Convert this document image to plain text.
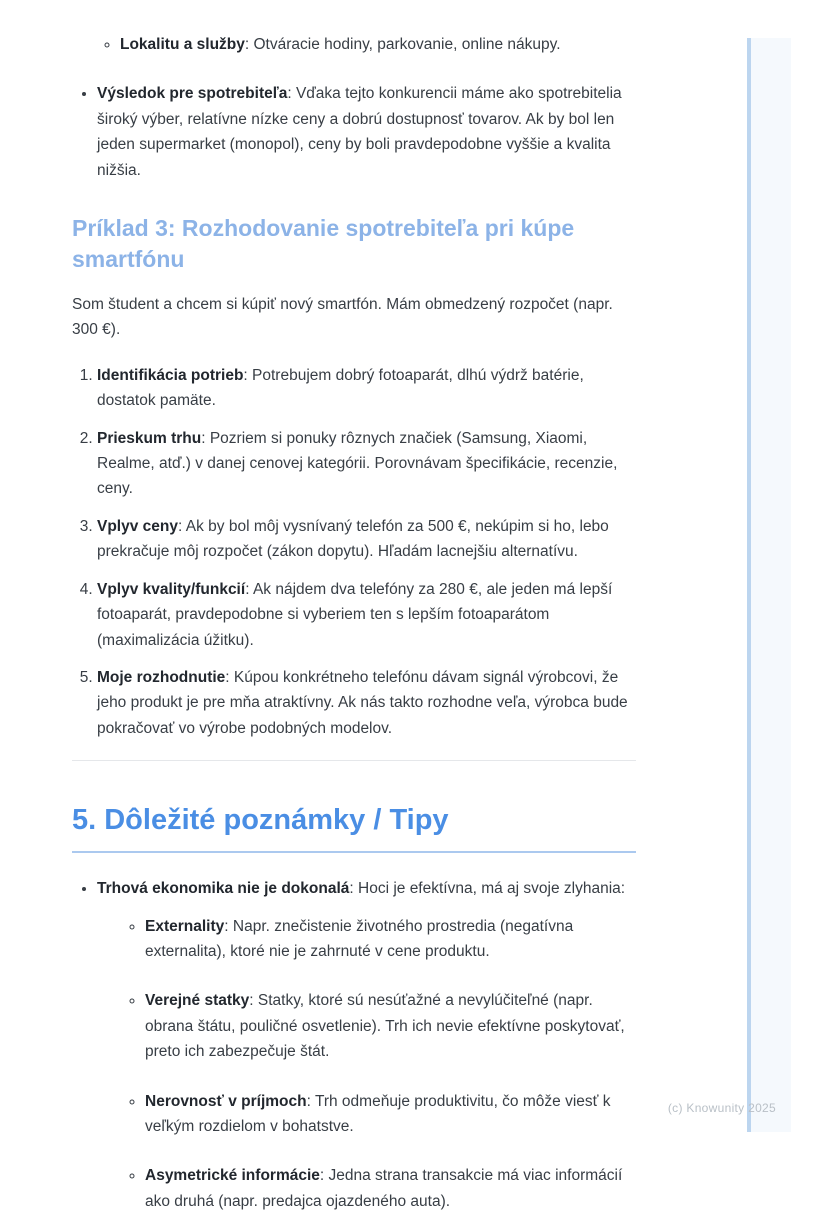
◦ Lokalitu a služby: Otváracie hodiny, parkovanie, online nákupy.
• Výsledok pre spotrebiteľa: Vďaka tejto konkurencii máme ako spotrebitelia široký výber, relatívne nízke ceny a dobrú dostupnosť tovarov. Ak by bol len jeden supermarket (monopol), ceny by boli pravdepodobne vyššie a kvalita nižšia.
Príklad 3: Rozhodovanie spotrebiteľa pri kúpe smartfónu

Som študent a chcem si kúpiť nový smartfón. Mám obmedzený rozpočet (napr. 300 €).

1. Identifikácia potrieb: Potrebujem dobrý fotoaparát, dlhú výdrž batérie, dostatok pamäte.
2. Prieskum trhu: Pozriem si ponuky rôznych značiek (Samsung, Xiaomi, Realme, atď.) v danej cenovej kategórii. Porovnávam špecifikácie, recenzie, ceny.
3. Vplyv ceny: Ak by bol môj vysnívaný telefón za 500 €, nekúpim si ho, lebo prekračuje môj rozpočet (zákon dopytu). Hľadám lacnejšiu alternatívu.
4. Vplyv kvality/funkcií: Ak nájdem dva telefóny za 280 €, ale jeden má lepší fotoaparát, pravdepodobne si vyberiem ten s lepším fotoaparátom (maximalizácia úžitku).
5. Moje rozhodnutie: Kúpou konkrétneho telefónu dávam signál výrobcovi, že jeho produkt je pre mňa atraktívny. Ak nás takto rozhodne veľa, výrobca bude pokračovať vo výrobe podobných modelov.
5. Dôležité poznámky / Tipy
• Trhová ekonomika nie je dokonalá: Hoci je efektívna, má aj svoje zlyhania:
◦ Externality: Napr. znečistenie životného prostredia (negatívna externalita), ktoré nie je zahrnuté v cene produktu.
◦ Verejné statky: Statky, ktoré sú nesúťažné a nevylúčiteľné (napr. obrana štátu, pouličné osvetlenie). Trh ich nevie efektívne poskytovať, preto ich zabezpečuje štát.
◦ Nerovnosť v príjmoch: Trh odmeňuje produktivitu, čo môže viesť k veľkým rozdielom v bohatstve.
◦ Asymetrické informácie: Jedna strana transakcie má viac informácií ako druhá (napr. predajca ojazdeného auta).
(c) Knowunity 2025
